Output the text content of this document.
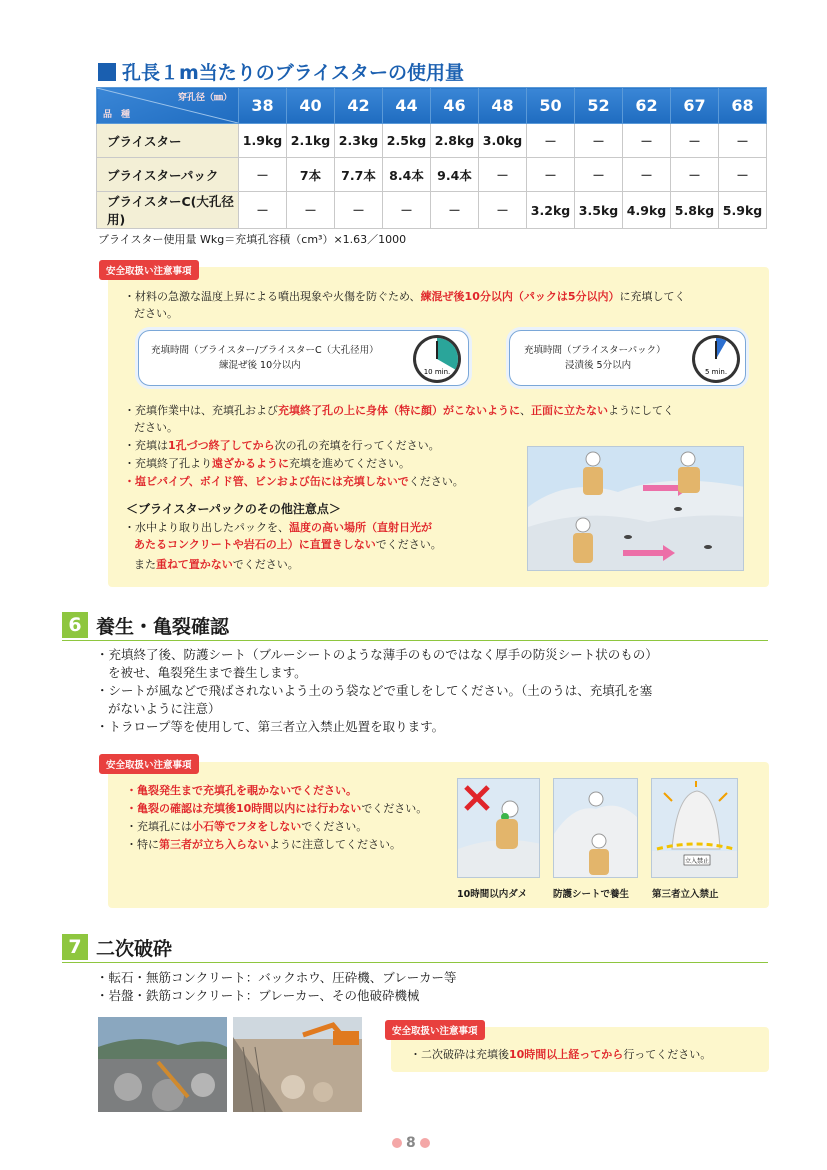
孔長１m当たりのブライスターの使用量
穿孔径（㎜）
品　種	38	40	42	44	46	48	50	52	62	67	68
ブライスター	1.9kg	2.1kg	2.3kg	2.5kg	2.8kg	3.0kg	－	－	－	－	－
ブライスターパック	－	7本	7.7本	8.4本	9.4本	－	－	－	－	－	－
ブライスターC(大孔径用)	－	－	－	－	－	－	3.2kg	3.5kg	4.9kg	5.8kg	5.9kg
ブライスター使用量 Wkg＝充填孔容積（cm³）×1.63／1000
安全取扱い注意事項
・材料の急激な温度上昇による噴出現象や火傷を防ぐため、練混ぜ後10分以内（パックは5分以内）に充填してく
ださい。
充填時間（ブライスター/ブライスターC（大孔径用）
練混ぜ後 10分以内
10 min.
充填時間（ブライスターパック）
浸漬後 5分以内
5 min.
・充填作業中は、充填孔および充填終了孔の上に身体（特に顔）がこないように、正面に立たないようにしてく
ださい。
・充填は1孔づつ終了してから次の孔の充填を行ってください。
・充填終了孔より遠ざかるように充填を進めてください。
・塩ビパイプ、ボイド管、ビンおよび缶には充填しないでください。
＜ブライスターパックのその他注意点＞
・水中より取り出したパックを、温度の高い場所（直射日光が
あたるコンクリートや岩石の上）に直置きしないでください。
また重ねて置かないでください。
6 養生・亀裂確認
・充填終了後、防護シート（ブルーシートのような薄手のものではなく厚手の防災シート状のもの）
を被せ、亀裂発生まで養生します。
・シートが風などで飛ばされないよう土のう袋などで重しをしてください。（土のうは、充填孔を塞
がないように注意）
・トラロープ等を使用して、第三者立入禁止処置を取ります。
安全取扱い注意事項
・亀裂発生まで充填孔を覗かないでください。
・亀裂の確認は充填後10時間以内には行わないでください。
・充填孔には小石等でフタをしないでください。
・特に第三者が立ち入らないように注意してください。
立入禁止
10時間以内ダメ	防護シートで養生 第三者立入禁止
7 二次破砕
・転石・無筋コンクリート：バックホウ、圧砕機、ブレーカー等
・岩盤・鉄筋コンクリート：ブレーカー、その他破砕機械
安全取扱い注意事項
・二次破砕は充填後10時間以上経ってから行ってください。
8
